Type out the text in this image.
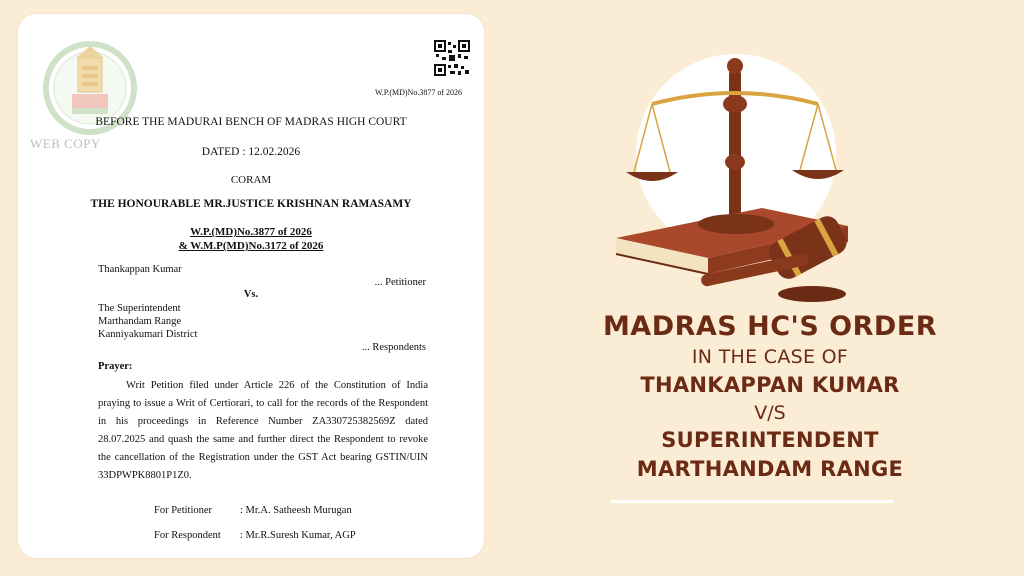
WEB COPY
W.P.(MD)No.3877 of 2026
BEFORE THE MADURAI BENCH OF MADRAS HIGH COURT
DATED : 12.02.2026
CORAM
THE HONOURABLE MR.JUSTICE KRISHNAN RAMASAMY
W.P.(MD)No.3877 of 2026
& W.M.P(MD)No.3172 of 2026
Thankappan Kumar
... Petitioner
Vs.
The Superintendent
Marthandam Range
Kanniyakumari District
... Respondents
Prayer:
Writ Petition filed under Article 226 of the Constitution of India praying to issue a Writ of Certiorari, to call for the records of the Respondent in his proceedings in Reference Number ZA330725382569Z dated 28.07.2025 and quash the same and further direct the Respondent to revoke the cancellation of the Registration under the GST Act bearing GSTIN/UIN 33DPWPK8801P1Z0.
For Petitioner	: Mr.A. Satheesh Murugan
For Respondent : Mr.R.Suresh Kumar, AGP
MADRAS HC'S ORDER
IN THE CASE OF
THANKAPPAN KUMAR
V/S
SUPERINTENDENT
MARTHANDAM RANGE
